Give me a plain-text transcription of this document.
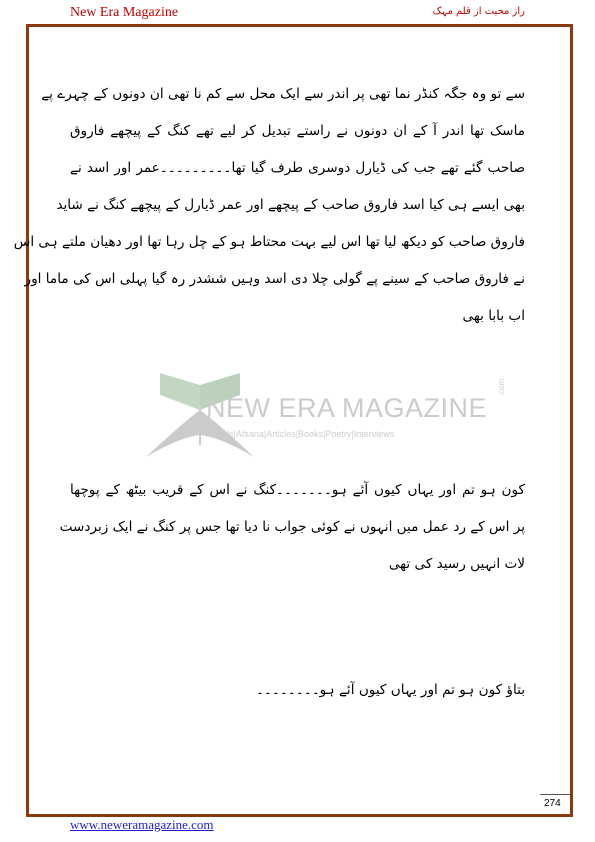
New Era Magazine	راز محبت از قلم مہک
NEW ERA MAGAZINE
.com
Novels|Afsana|Articles|Books|Poetry|Interviews
سے تو وہ جگہ کنڈر نما تھی پر اندر سے ایک محل سے کم نا تھی ان دونوں کے چہرے پے
ماسک تھا اندر آ کے ان دونوں نے راستے تبدیل کر لیے تھے کنگ کے پیچھے فاروق
صاحب گئے تھے جب کی ڈیارل دوسری طرف گیا تھا۔۔۔۔۔۔۔۔۔عمر اور اسد نے
بھی ایسے ہی کیا اسد فاروق صاحب کے پیچھے اور عمر ڈیارل کے پیچھے کنگ نے شاید
فاروق صاحب کو دیکھ لیا تھا اس لیے بہت محتاط ہو کے چل رہا تھا اور دھیان ملتے ہی اس
نے فاروق صاحب کے سینے پے گولی چلا دی اسد وہیں ششدر رہ گیا پہلی اس کی ماما اور
اب بابا بھی
کون ہو تم اور یہاں کیوں آئے ہو۔۔۔۔۔۔۔کنگ نے اس کے قریب بیٹھ کے پوچھا
پر اس کے رد عمل میں انہوں نے کوئی جواب نا دیا تھا جس پر کنگ نے ایک زبردست
لات انہیں رسید کی تھی
بتاؤ کون ہو تم اور یہاں کیوں آئے ہو۔۔۔۔۔۔۔۔
274
www.neweramagazine.com
